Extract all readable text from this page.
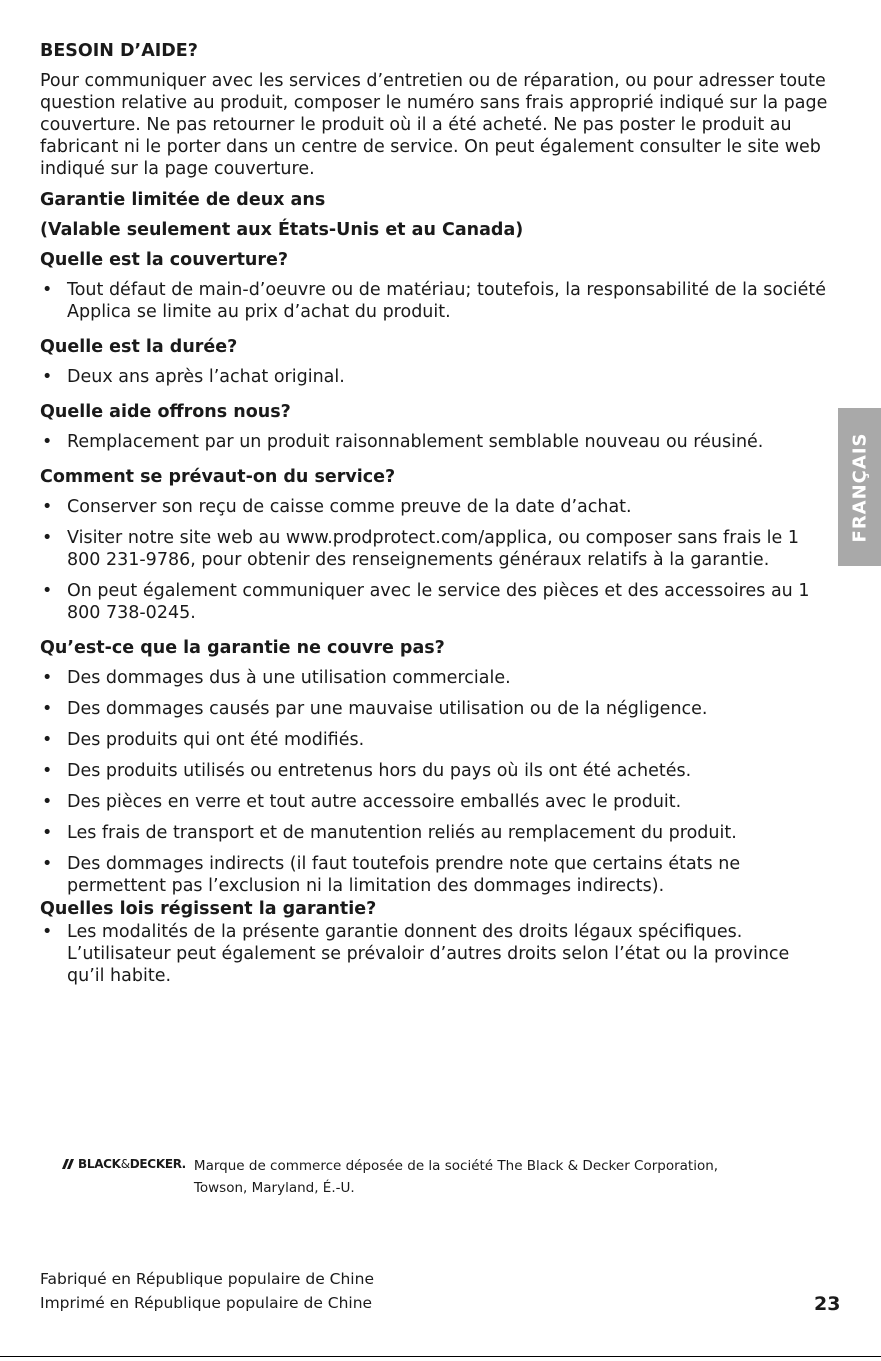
BESOIN D’AIDE?

Pour communiquer avec les services d’entretien ou de réparation, ou pour adresser toute question relative au produit, composer le numéro sans frais approprié indiqué sur la page couverture. Ne pas retourner le produit où il a été acheté. Ne pas poster le produit au fabricant ni le porter dans un centre de service. On peut également consulter le site web indiqué sur la page couverture.

Garantie limitée de deux ans
(Valable seulement aux États-Unis et au Canada)
Quelle est la couverture?
• Tout défaut de main-d’oeuvre ou de matériau; toutefois, la responsabilité de la société Applica se limite au prix d’achat du produit.
Quelle est la durée?
• Deux ans après l’achat original.
Quelle aide offrons nous?
• Remplacement par un produit raisonnablement semblable nouveau ou réusiné.
Comment se prévaut-on du service?
• Conserver son reçu de caisse comme preuve de la date d’achat.
• Visiter notre site web au www.prodprotect.com/applica, ou composer sans frais le 1 800 231-9786, pour obtenir des renseignements généraux relatifs à la garantie.
• On peut également communiquer avec le service des pièces et des accessoires au 1 800 738-0245.
Qu’est-ce que la garantie ne couvre pas?
• Des dommages dus à une utilisation commerciale.
• Des dommages causés par une mauvaise utilisation ou de la négligence.
• Des produits qui ont été modifiés.
• Des produits utilisés ou entretenus hors du pays où ils ont été achetés.
• Des pièces en verre et tout autre accessoire emballés avec le produit.
• Les frais de transport et de manutention reliés au remplacement du produit.
• Des dommages indirects (il faut toutefois prendre note que certains états ne permettent pas l’exclusion ni la limitation des dommages indirects).
Quelles lois régissent la garantie?
• Les modalités de la présente garantie donnent des droits légaux spécifiques. L’utilisateur peut également se prévaloir d’autres droits selon l’état ou la province qu’il habite.
FRANÇAIS
BLACK & DECKER . Marque de commerce déposée de la société The Black & Decker Corporation,
Towson, Maryland, É.-U.
Fabriqué en République populaire de Chine
Imprimé en République populaire de Chine	23
